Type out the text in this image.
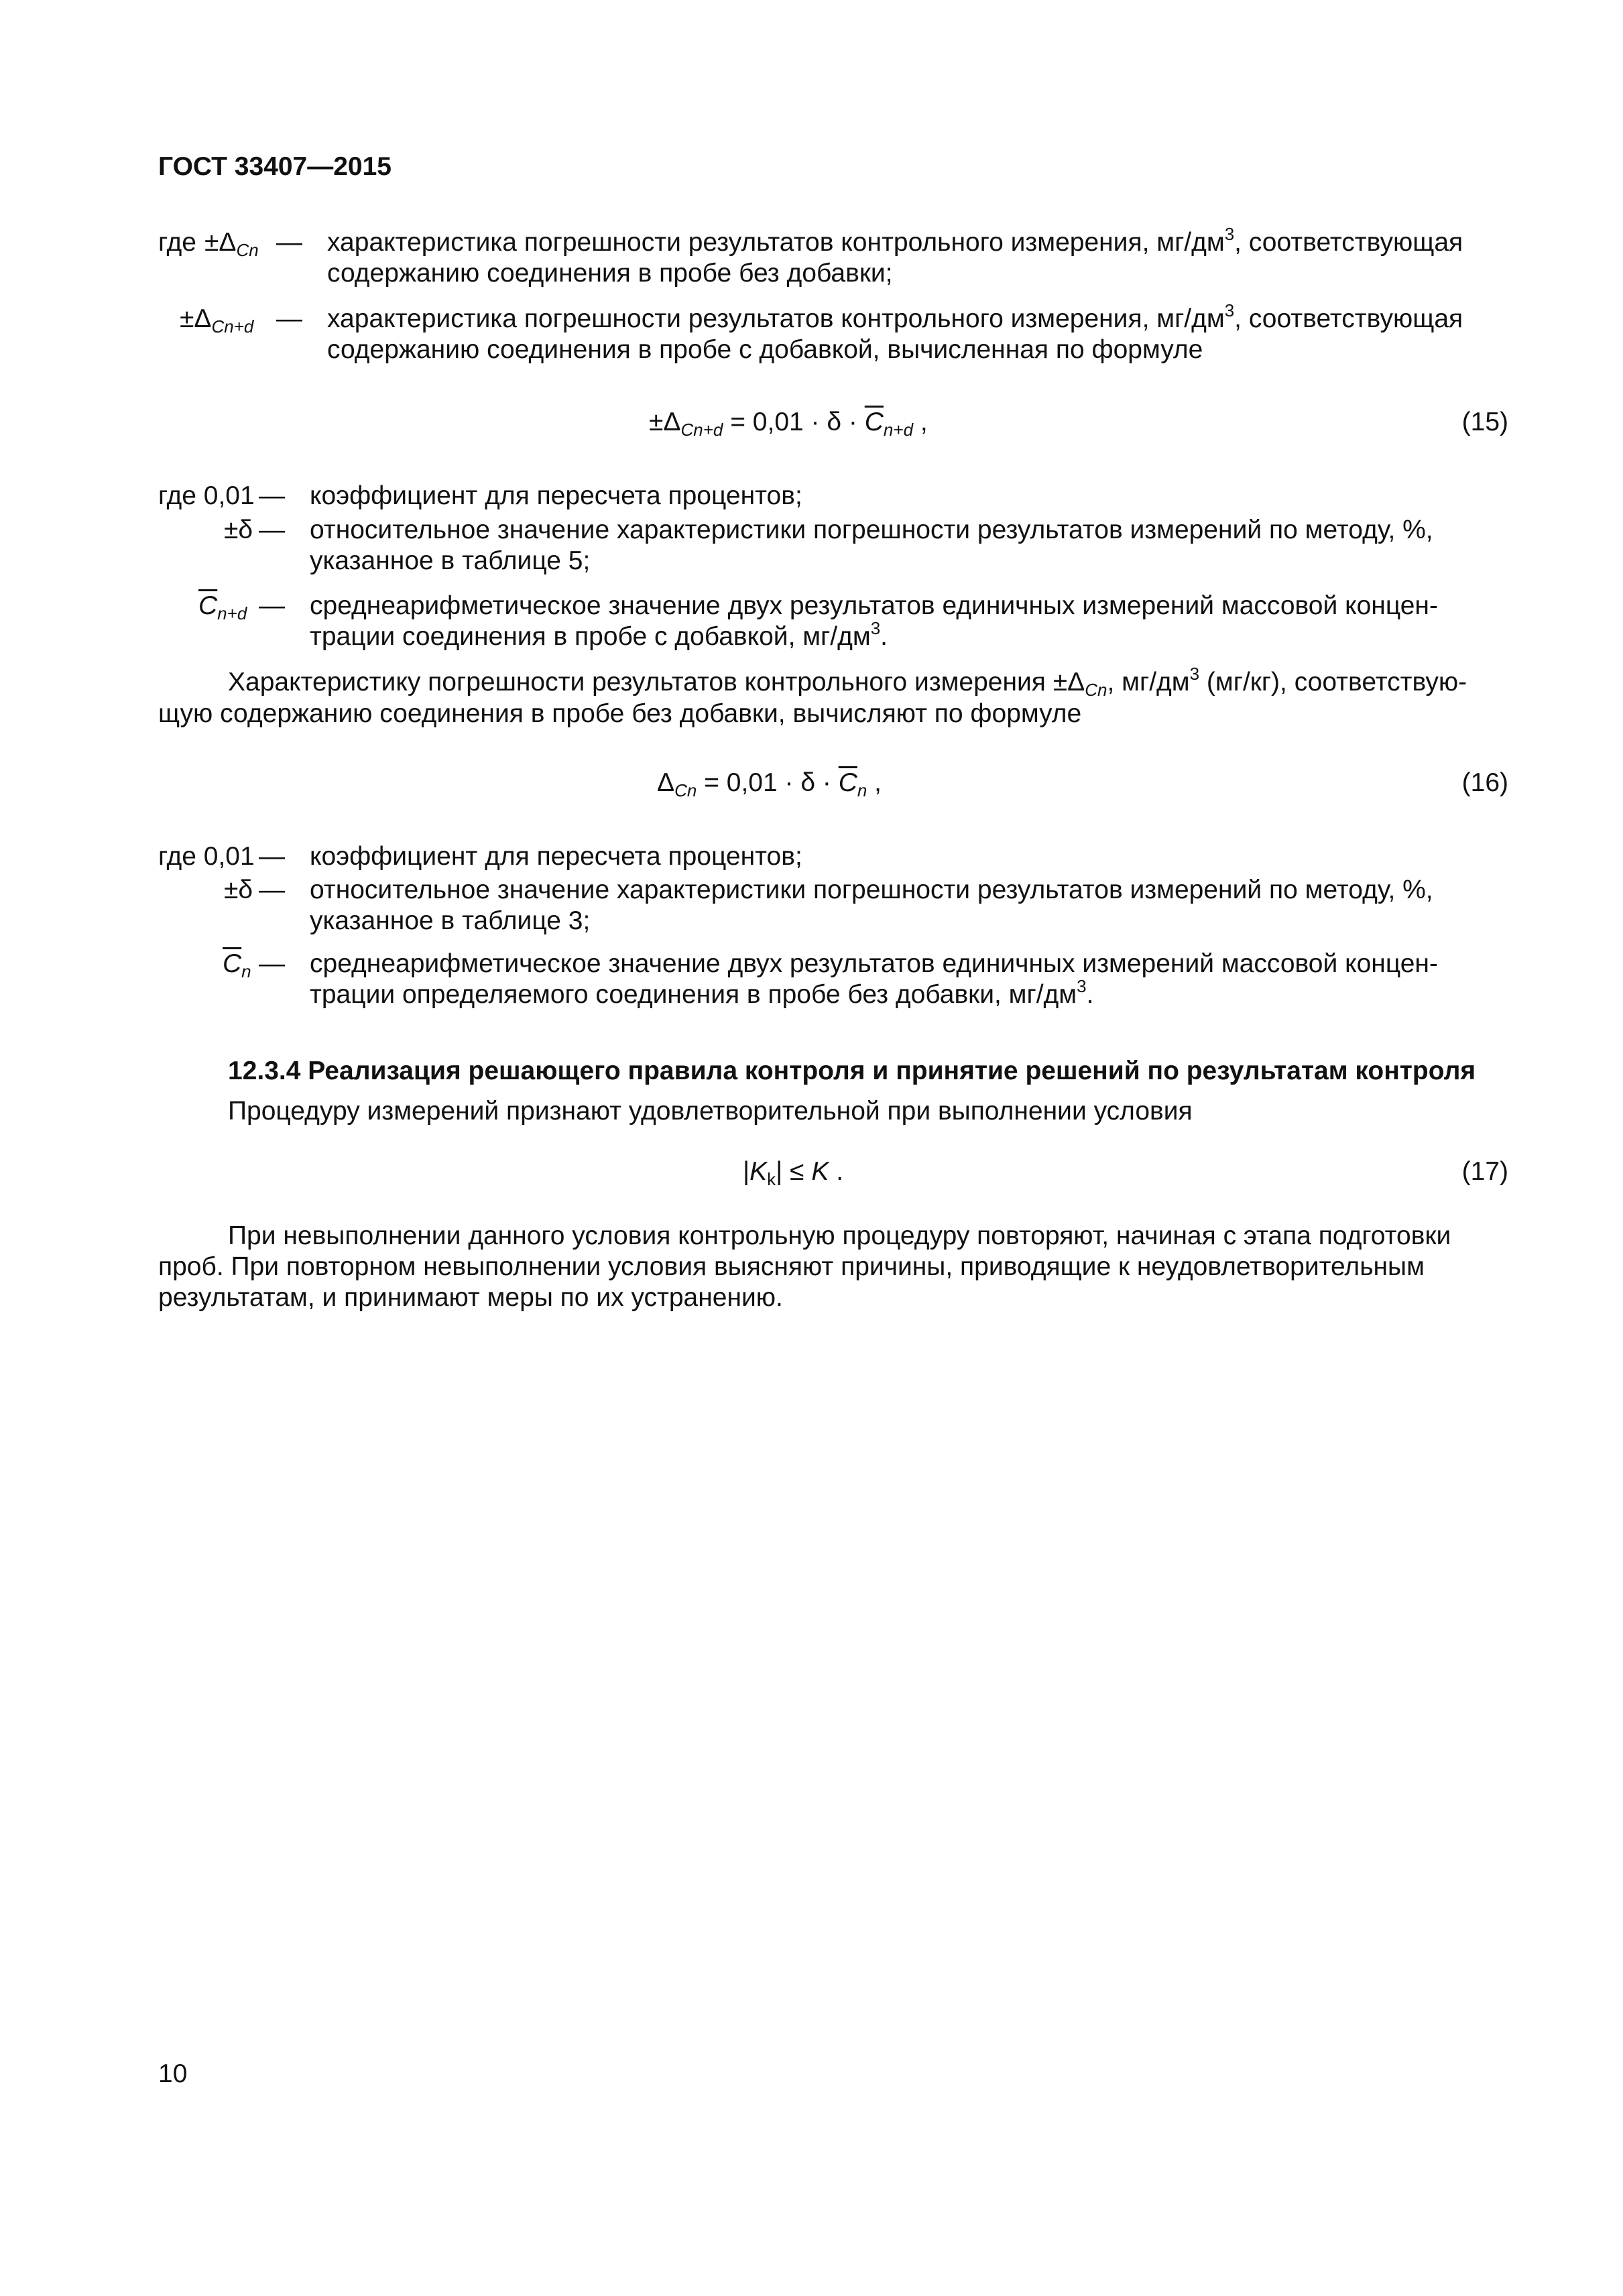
ГОСТ 33407—2015
где $\pm\Delta_{Cn}$ — характеристика погрешности результатов контрольного измерения, $мг/дм^3$, соответствующая
содержанию соединения в пробе без добавки;
$\pm\Delta_{Cn+d}$ — характеристика погрешности результатов контрольного измерения, $мг/дм^3$, соответствующая
содержанию соединения в пробе с добавкой, вычисленная по формуле
$\pm\Delta_{Cn+d} = 0,01 \cdot \delta \cdot \overline{C}_{n+d}$ ,	(15)
где 0,01 — коэффициент для пересчета процентов;
±δ — относительное значение характеристики погрешности результатов измерений по методу, %,
указанное в таблице 5;
$\overline{C}_{n+d}$ — среднеарифметическое значение двух результатов единичных измерений массовой концен-
трации соединения в пробе с добавкой, $мг/дм^3$.
Характеристику погрешности результатов контрольного измерения $\pm\Delta_{Cn}$, $мг/дм^3$ (мг/кг), соответствую-
щую содержанию соединения в пробе без добавки, вычисляют по формуле
$\Delta_{Cn} = 0,01 \cdot \delta \cdot \overline{C}_n$ ,	(16)
где 0,01 — коэффициент для пересчета процентов;
±δ — относительное значение характеристики погрешности результатов измерений по методу, %,
указанное в таблице 3;
$\overline{C}_n$ — среднеарифметическое значение двух результатов единичных измерений массовой концен-
трации определяемого соединения в пробе без добавки, $мг/дм^3$.
12.3.4 Реализация решающего правила контроля и принятие решений по результатам контроля
Процедуру измерений признают удовлетворительной при выполнении условия
$|K_k| \le K$ .	(17)
При невыполнении данного условия контрольную процедуру повторяют, начиная с этапа подготовки
проб. При повторном невыполнении условия выясняют причины, приводящие к неудовлетворительным
результатам, и принимают меры по их устранению.
10
